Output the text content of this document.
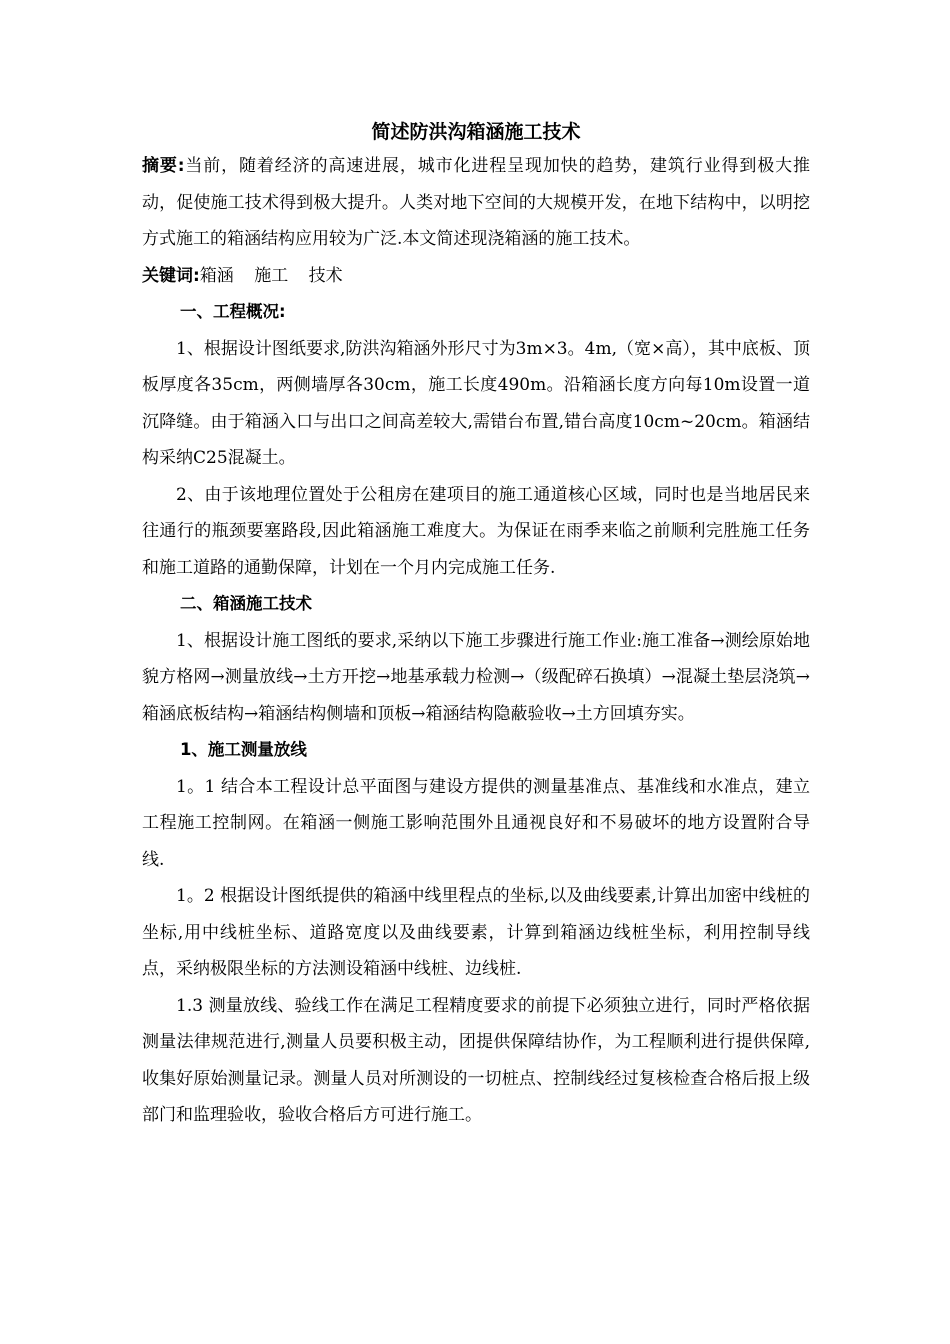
简述防洪沟箱涵施工技术

摘要:当前，随着经济的高速进展，城市化进程呈现加快的趋势，建筑行业得到极大推动，促使施工技术得到极大提升。人类对地下空间的大规模开发，在地下结构中，以明挖方式施工的箱涵结构应用较为广泛.本文简述现浇箱涵的施工技术。

关键词:箱涵 施工 技术

一、工程概况:

1、根据设计图纸要求,防洪沟箱涵外形尺寸为3m×3。4m,（宽×高），其中底板、顶板厚度各35cm，两侧墙厚各30cm，施工长度490m。沿箱涵长度方向每10m设置一道沉降缝。由于箱涵入口与出口之间高差较大,需错台布置,错台高度10cm~20cm。箱涵结构采纳C25混凝土。

2、由于该地理位置处于公租房在建项目的施工通道核心区域，同时也是当地居民来往通行的瓶颈要塞路段,因此箱涵施工难度大。为保证在雨季来临之前顺利完胜施工任务和施工道路的通勤保障，计划在一个月内完成施工任务.

二、箱涵施工技术

1、根据设计施工图纸的要求,采纳以下施工步骤进行施工作业:施工准备→测绘原始地貌方格网→测量放线→土方开挖→地基承载力检测→（级配碎石换填）→混凝土垫层浇筑→箱涵底板结构→箱涵结构侧墙和顶板→箱涵结构隐蔽验收→土方回填夯实。

1、施工测量放线

1。1 结合本工程设计总平面图与建设方提供的测量基准点、基准线和水准点，建立工程施工控制网。在箱涵一侧施工影响范围外且通视良好和不易破坏的地方设置附合导线.

1。2 根据设计图纸提供的箱涵中线里程点的坐标,以及曲线要素,计算出加密中线桩的坐标,用中线桩坐标、道路宽度以及曲线要素，计算到箱涵边线桩坐标，利用控制导线点，采纳极限坐标的方法测设箱涵中线桩、边线桩.

1.3 测量放线、验线工作在满足工程精度要求的前提下必须独立进行，同时严格依据测量法律规范进行,测量人员要积极主动，团提供保障结协作，为工程顺利进行提供保障,收集好原始测量记录。测量人员对所测设的一切桩点、控制线经过复核检查合格后报上级部门和监理验收，验收合格后方可进行施工。
